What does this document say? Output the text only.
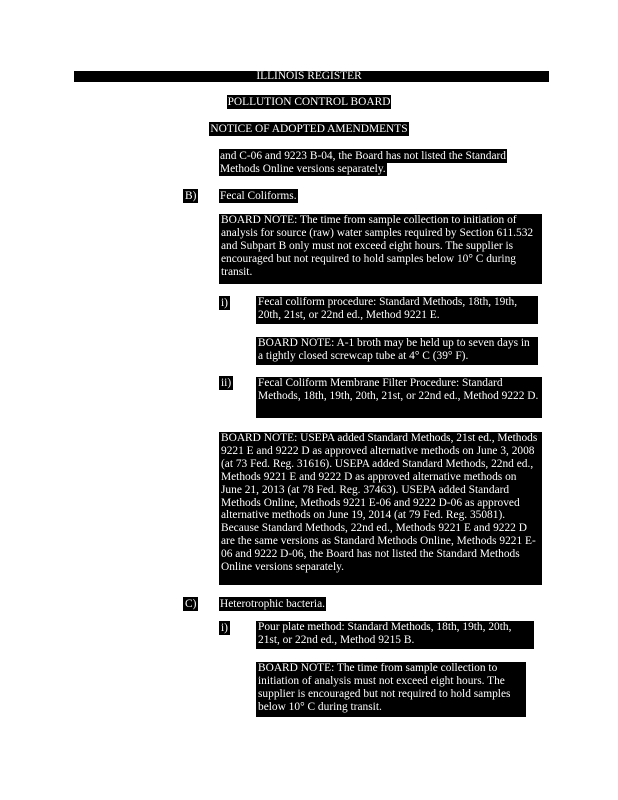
ILLINOIS REGISTER
POLLUTION CONTROL BOARD
NOTICE OF ADOPTED AMENDMENTS
and C-06 and 9223 B-04, the Board has not listed the Standard Methods Online versions separately.
B) Fecal Coliforms.
BOARD NOTE: The time from sample collection to initiation of analysis for source (raw) water samples required by Section 611.532 and Subpart B only must not exceed eight hours. The supplier is encouraged but not required to hold samples below 10° C during transit.
i)	Fecal coliform procedure: Standard Methods, 18th, 19th, 20th, 21st, or 22nd ed., Method 9221 E.
BOARD NOTE: A-1 broth may be held up to seven days in a tightly closed screwcap tube at 4° C (39° F).
ii) Fecal Coliform Membrane Filter Procedure: Standard Methods, 18th, 19th, 20th, 21st, or 22nd ed., Method 9222 D.
BOARD NOTE: USEPA added Standard Methods, 21st ed., Methods 9221 E and 9222 D as approved alternative methods on June 3, 2008 (at 73 Fed. Reg. 31616). USEPA added Standard Methods, 22nd ed., Methods 9221 E and 9222 D as approved alternative methods on June 21, 2013 (at 78 Fed. Reg. 37463). USEPA added Standard Methods Online, Methods 9221 E-06 and 9222 D-06 as approved alternative methods on June 19, 2014 (at 79 Fed. Reg. 35081). Because Standard Methods, 22nd ed., Methods 9221 E and 9222 D are the same versions as Standard Methods Online, Methods 9221 E-06 and 9222 D-06, the Board has not listed the Standard Methods Online versions separately.
C) Heterotrophic bacteria.
i)	Pour plate method: Standard Methods, 18th, 19th, 20th, 21st, or 22nd ed., Method 9215 B.
BOARD NOTE: The time from sample collection to initiation of analysis must not exceed eight hours. The supplier is encouraged but not required to hold samples below 10° C during transit.
